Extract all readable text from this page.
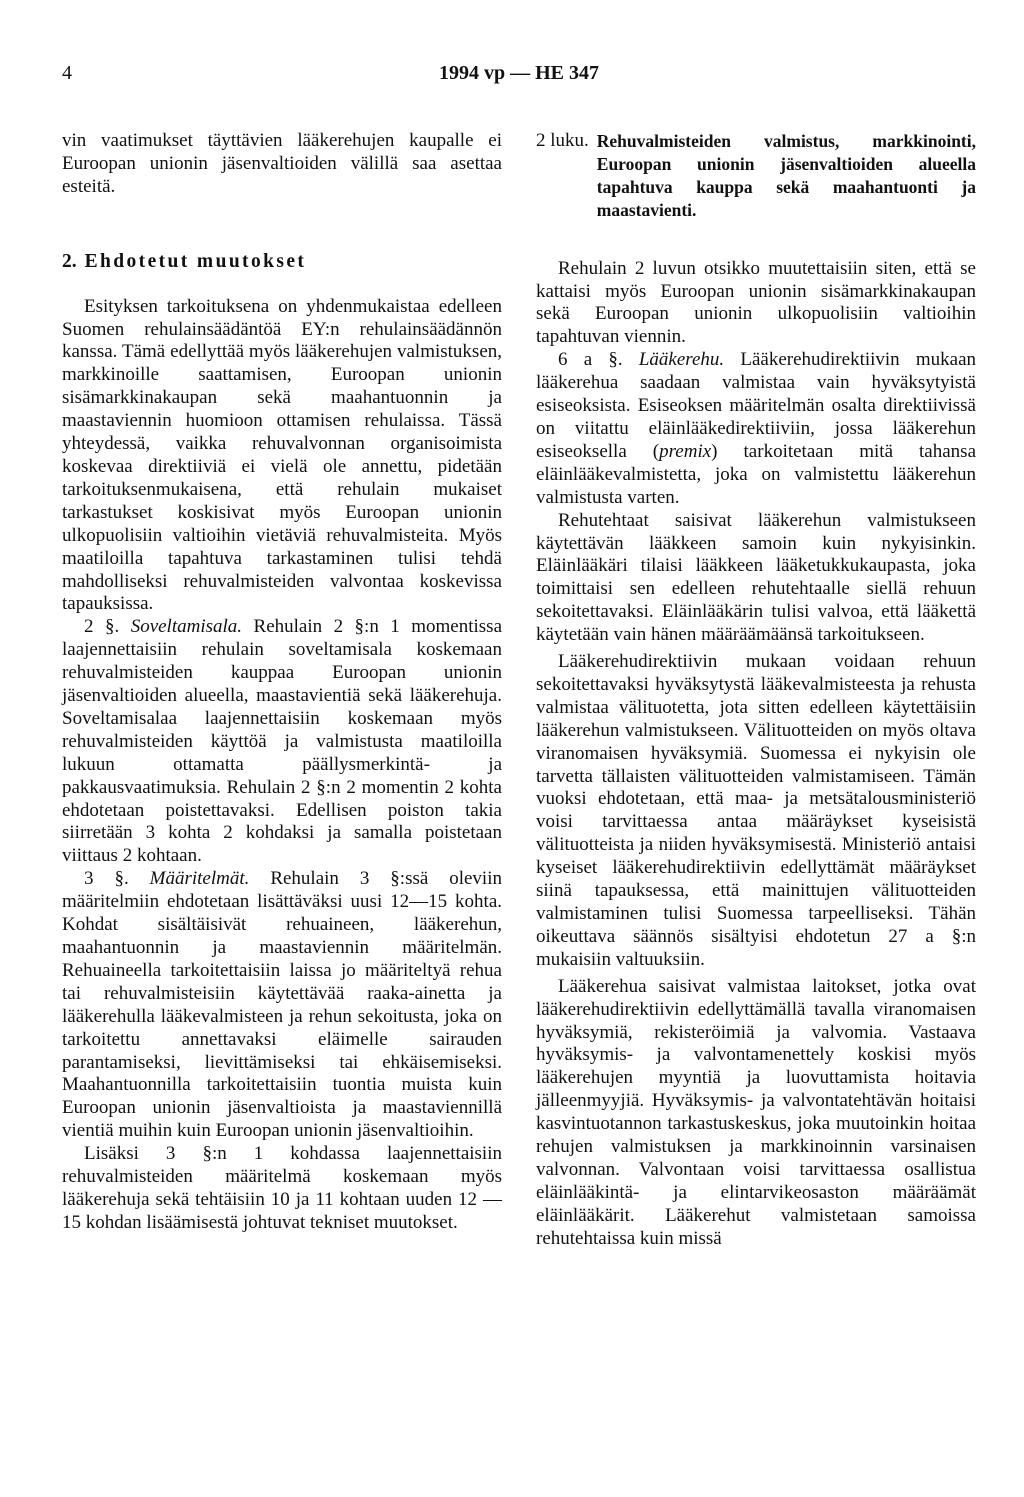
4	1994 vp — HE 347

vin vaatimukset täyttävien lääkerehujen kaupalle ei Euroopan unionin jäsenvaltioiden välillä saa asettaa esteitä.

2. Ehdotetut muutokset

Esityksen tarkoituksena on yhdenmukaistaa edelleen Suomen rehulainsäädäntöä EY:n rehulainsäädännön kanssa. Tämä edellyttää myös lääkerehujen valmistuksen, markkinoille saattamisen, Euroopan unionin sisämarkkinakaupan sekä maahantuonnin ja maastaviennin huomioon ottamisen rehulaissa. Tässä yhteydessä, vaikka rehuvalvonnan organisoimista koskevaa direktiiviä ei vielä ole annettu, pidetään tarkoituksenmukaisena, että rehulain mukaiset tarkastukset koskisivat myös Euroopan unionin ulkopuolisiin valtioihin vietäviä rehuvalmisteita. Myös maatiloilla tapahtuva tarkastaminen tulisi tehdä mahdolliseksi rehuvalmisteiden valvontaa koskevissa tapauksissa.

2 §. Soveltamisala. Rehulain 2 §:n 1 momentissa laajennettaisiin rehulain soveltamisala koskemaan rehuvalmisteiden kauppaa Euroopan unionin jäsenvaltioiden alueella, maastavientiä sekä lääkerehuja. Soveltamisalaa laajennettaisiin koskemaan myös rehuvalmisteiden käyttöä ja valmistusta maatiloilla lukuun ottamatta päällysmerkintä- ja pakkausvaatimuksia. Rehulain 2 §:n 2 momentin 2 kohta ehdotetaan poistettavaksi. Edellisen poiston takia siirretään 3 kohta 2 kohdaksi ja samalla poistetaan viittaus 2 kohtaan.

3 §. Määritelmät. Rehulain 3 §:ssä oleviin määritelmiin ehdotetaan lisättäväksi uusi 12—15 kohta. Kohdat sisältäisivät rehuaineen, lääkerehun, maahantuonnin ja maastaviennin määritelmän. Rehuaineella tarkoitettaisiin laissa jo määriteltyä rehua tai rehuvalmisteisiin käytettävää raaka-ainetta ja lääkerehulla lääkevalmisteen ja rehun sekoitusta, joka on tarkoitettu annettavaksi eläimelle sairauden parantamiseksi, lievittämiseksi tai ehkäisemiseksi. Maahantuonnilla tarkoitettaisiin tuontia muista kuin Euroopan unionin jäsenvaltioista ja maastaviennillä vientiä muihin kuin Euroopan unionin jäsenvaltioihin.

Lisäksi 3 §:n 1 kohdassa laajennettaisiin rehuvalmisteiden määritelmä koskemaan myös lääkerehuja sekä tehtäisiin 10 ja 11 kohtaan uuden 12 — 15 kohdan lisäämisestä johtuvat tekniset muutokset.

2 luku. Rehuvalmisteiden valmistus, markkinointi, Euroopan unionin jäsenvaltioiden alueella tapahtuva kauppa sekä maahantuonti ja maastavienti.

Rehulain 2 luvun otsikko muutettaisiin siten, että se kattaisi myös Euroopan unionin sisämarkkinakaupan sekä Euroopan unionin ulkopuolisiin valtioihin tapahtuvan viennin.

6 a §. Lääkerehu. Lääkerehudirektiivin mukaan lääkerehua saadaan valmistaa vain hyväksytyistä esiseoksista. Esiseoksen määritelmän osalta direktiivissä on viitattu eläinlääkedirektiiviin, jossa lääkerehun esiseoksella (premix) tarkoitetaan mitä tahansa eläinlääkevalmistetta, joka on valmistettu lääkerehun valmistusta varten.

Rehutehtaat saisivat lääkerehun valmistukseen käytettävän lääkkeen samoin kuin nykyisinkin. Eläinlääkäri tilaisi lääkkeen lääketukkukaupasta, joka toimittaisi sen edelleen rehutehtaalle siellä rehuun sekoitettavaksi. Eläinlääkärin tulisi valvoa, että lääkettä käytetään vain hänen määräämäänsä tarkoitukseen.

Lääkerehudirektiivin mukaan voidaan rehuun sekoitettavaksi hyväksytystä lääkevalmisteesta ja rehusta valmistaa välituotetta, jota sitten edelleen käytettäisiin lääkerehun valmistukseen. Välituotteiden on myös oltava viranomaisen hyväksymiä. Suomessa ei nykyisin ole tarvetta tällaisten välituotteiden valmistamiseen. Tämän vuoksi ehdotetaan, että maa- ja metsätalousministeriö voisi tarvittaessa antaa määräykset kyseisistä välituotteista ja niiden hyväksymisestä. Ministeriö antaisi kyseiset lääkerehudirektiivin edellyttämät määräykset siinä tapauksessa, että mainittujen välituotteiden valmistaminen tulisi Suomessa tarpeelliseksi. Tähän oikeuttava säännös sisältyisi ehdotetun 27 a §:n mukaisiin valtuuksiin.

Lääkerehua saisivat valmistaa laitokset, jotka ovat lääkerehudirektiivin edellyttämällä tavalla viranomaisen hyväksymiä, rekisteröimiä ja valvomia. Vastaava hyväksymis- ja valvontamenettely koskisi myös lääkerehujen myyntiä ja luovuttamista hoitavia jälleenmyyjiä. Hyväksymis- ja valvontatehtävän hoitaisi kasvintuotannon tarkastuskeskus, joka muutoinkin hoitaa rehujen valmistuksen ja markkinoinnin varsinaisen valvonnan. Valvontaan voisi tarvittaessa osallistua eläinlääkintä- ja elintarvikeosaston määräämät eläinlääkärit. Lääkerehut valmistetaan samoissa rehutehtaissa kuin missä
